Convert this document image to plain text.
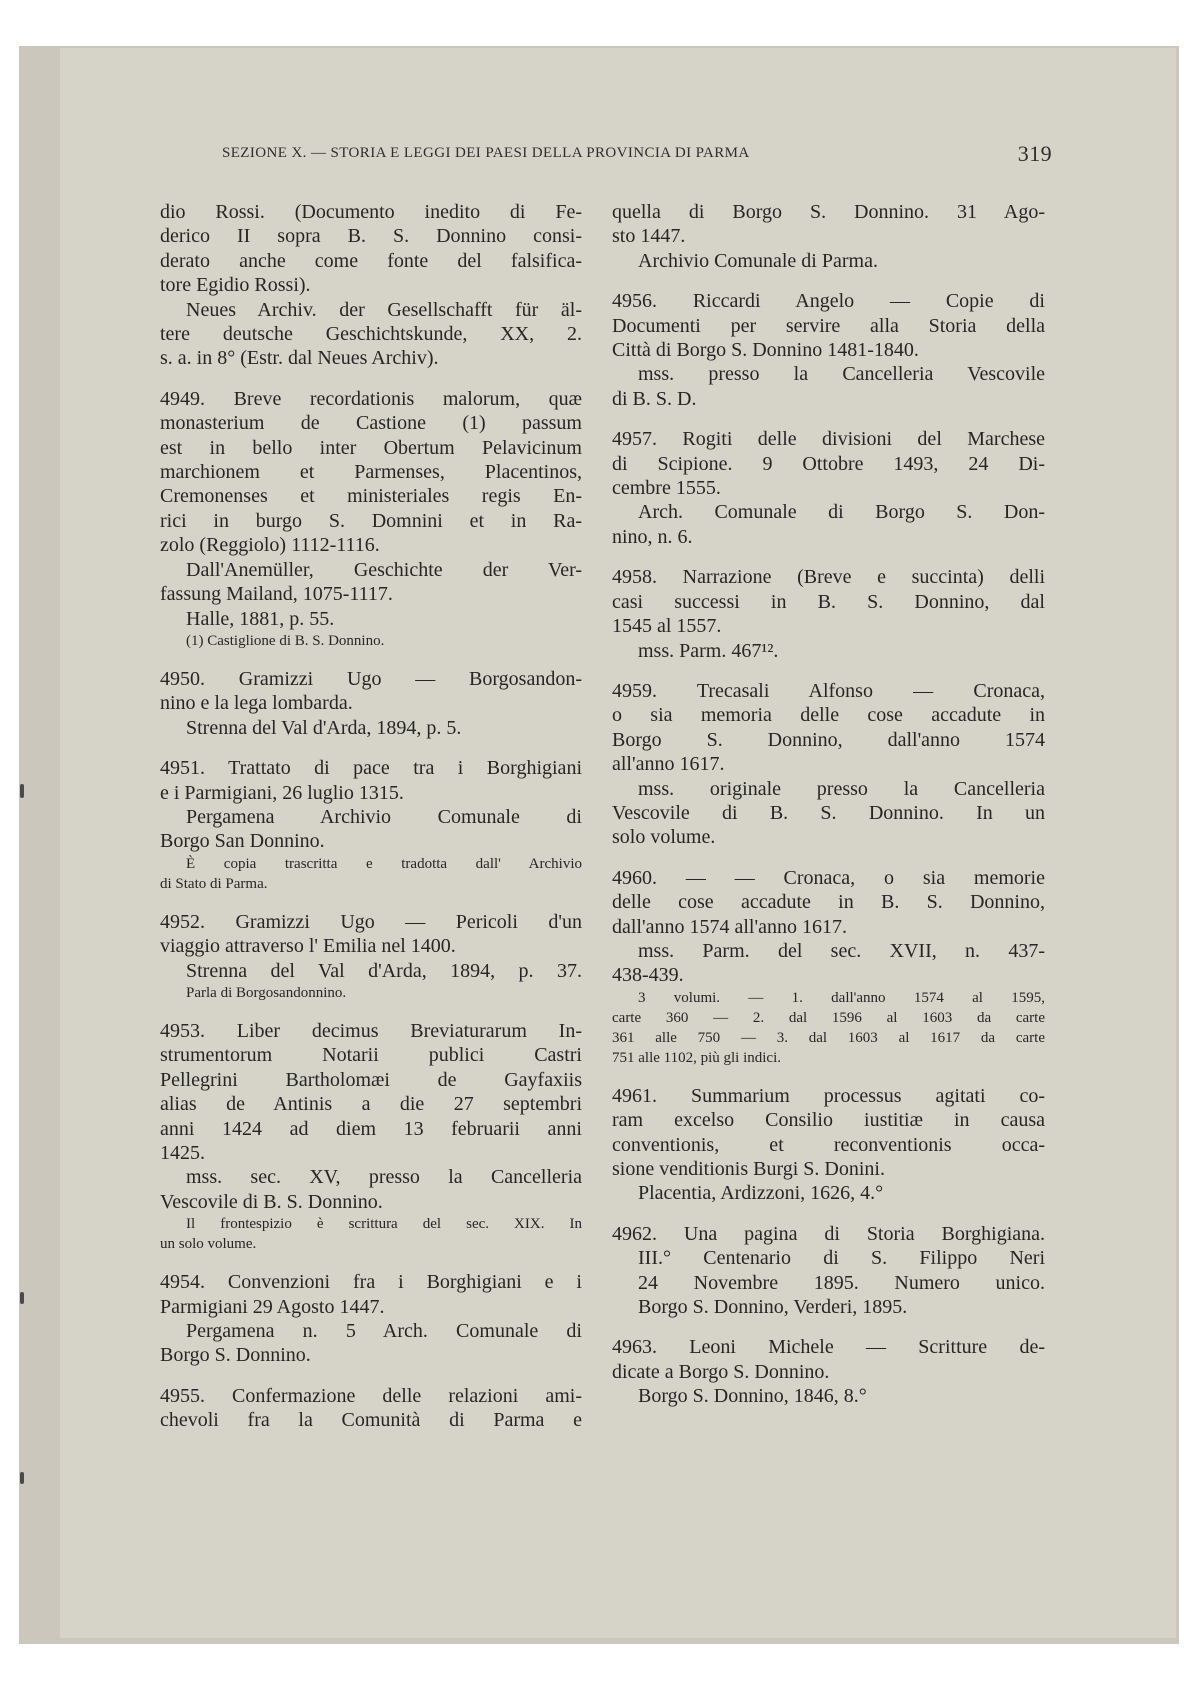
SEZIONE X. — STORIA E LEGGI DEI PAESI DELLA PROVINCIA DI PARMA	319
dio Rossi. (Documento inedito di Fe-
derico II sopra B. S. Donnino consi-
derato anche come fonte del falsifica-
tore Egidio Rossi).
Neues Archiv. der Gesellschafft für äl-
tere deutsche Geschichtskunde, XX, 2.
s. a. in 8° (Estr. dal Neues Archiv).
4949. Breve recordationis malorum, quæ
monasterium de Castione (1) passum
est in bello inter Obertum Pelavicinum
marchionem et Parmenses, Placentinos,
Cremonenses et ministeriales regis En-
rici in burgo S. Domnini et in Ra-
zolo (Reggiolo) 1112-1116.
Dall'Anemüller, Geschichte der Ver-
fassung Mailand, 1075-1117.
Halle, 1881, p. 55.
(1) Castiglione di B. S. Donnino.
4950. Gramizzi Ugo — Borgosandon-
nino e la lega lombarda.
Strenna del Val d'Arda, 1894, p. 5.
4951. Trattato di pace tra i Borghigiani
e i Parmigiani, 26 luglio 1315.
Pergamena Archivio Comunale di
Borgo San Donnino.
È copia trascritta e tradotta dall' Archivio
di Stato di Parma.
4952. Gramizzi Ugo — Pericoli d'un
viaggio attraverso l' Emilia nel 1400.
Strenna del Val d'Arda, 1894, p. 37.
Parla di Borgosandonnino.
4953. Liber decimus Breviaturarum In-
strumentorum Notarii publici Castri
Pellegrini Bartholomæi de Gayfaxiis
alias de Antinis a die 27 septembri
anni 1424 ad diem 13 februarii anni
1425.
mss. sec. XV, presso la Cancelleria
Vescovile di B. S. Donnino.
Il frontespizio è scrittura del sec. XIX. In
un solo volume.
4954. Convenzioni fra i Borghigiani e i
Parmigiani 29 Agosto 1447.
Pergamena n. 5 Arch. Comunale di
Borgo S. Donnino.
4955. Confermazione delle relazioni ami-
chevoli fra la Comunità di Parma e
quella di Borgo S. Donnino. 31 Ago-
sto 1447.
Archivio Comunale di Parma.
4956. Riccardi Angelo — Copie di
Documenti per servire alla Storia della
Città di Borgo S. Donnino 1481-1840.
mss. presso la Cancelleria Vescovile
di B. S. D.
4957. Rogiti delle divisioni del Marchese
di Scipione. 9 Ottobre 1493, 24 Di-
cembre 1555.
Arch. Comunale di Borgo S. Don-
nino, n. 6.
4958. Narrazione (Breve e succinta) delli
casi successi in B. S. Donnino, dal
1545 al 1557.
mss. Parm. 467¹².
4959. Trecasali Alfonso — Cronaca,
o sia memoria delle cose accadute in
Borgo S. Donnino, dall'anno 1574
all'anno 1617.
mss. originale presso la Cancelleria
Vescovile di B. S. Donnino. In un
solo volume.
4960. — — Cronaca, o sia memorie
delle cose accadute in B. S. Donnino,
dall'anno 1574 all'anno 1617.
mss. Parm. del sec. XVII, n. 437-
438-439.
3 volumi. — 1. dall'anno 1574 al 1595,
carte 360 — 2. dal 1596 al 1603 da carte
361 alle 750 — 3. dal 1603 al 1617 da carte
751 alle 1102, più gli indici.
4961. Summarium processus agitati co-
ram excelso Consilio iustitiæ in causa
conventionis, et reconventionis occa-
sione venditionis Burgi S. Donini.
Placentia, Ardizzoni, 1626, 4.°
4962. Una pagina di Storia Borghigiana.
III.° Centenario di S. Filippo Neri
24 Novembre 1895. Numero unico.
Borgo S. Donnino, Verderi, 1895.
4963. Leoni Michele — Scritture de-
dicate a Borgo S. Donnino.
Borgo S. Donnino, 1846, 8.°
